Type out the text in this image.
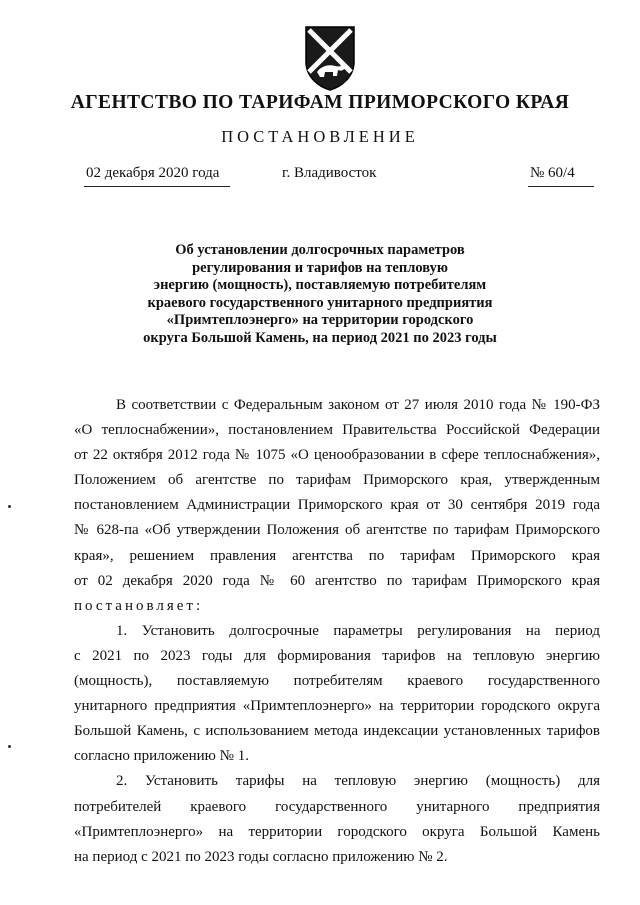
АГЕНТСТВО ПО ТАРИФАМ ПРИМОРСКОГО КРАЯ
ПОСТАНОВЛЕНИЕ
02 декабря 2020 года	г. Владивосток	№ 60/4
Об установлении долгосрочных параметров
регулирования и тарифов на тепловую
энергию (мощность), поставляемую потребителям
краевого государственного унитарного предприятия
«Примтеплоэнерго» на территории городского
округа Большой Камень, на период 2021 по 2023 годы
В соответствии с Федеральным законом от 27 июля 2010 года № 190-ФЗ
«О теплоснабжении», постановлением Правительства Российской Федерации
от 22 октября 2012 года № 1075 «О ценообразовании в сфере теплоснабжения»,
Положением об агентстве по тарифам Приморского края, утвержденным
постановлением Администрации Приморского края от 30 сентября 2019 года
№ 628-па «Об утверждении Положения об агентстве по тарифам Приморского
края», решением правления агентства по тарифам Приморского края
от 02 декабря 2020 года № 60 агентство по тарифам Приморского края
постановляет:
1. Установить долгосрочные параметры регулирования на период
с 2021 по 2023 годы для формирования тарифов на тепловую энергию
(мощность), поставляемую потребителям краевого государственного
унитарного предприятия «Примтеплоэнерго» на территории городского округа
Большой Камень, с использованием метода индексации установленных тарифов
согласно приложению № 1.
2. Установить тарифы на тепловую энергию (мощность) для
потребителей краевого государственного унитарного предприятия
«Примтеплоэнерго» на территории городского округа Большой Камень
на период с 2021 по 2023 годы согласно приложению № 2.
